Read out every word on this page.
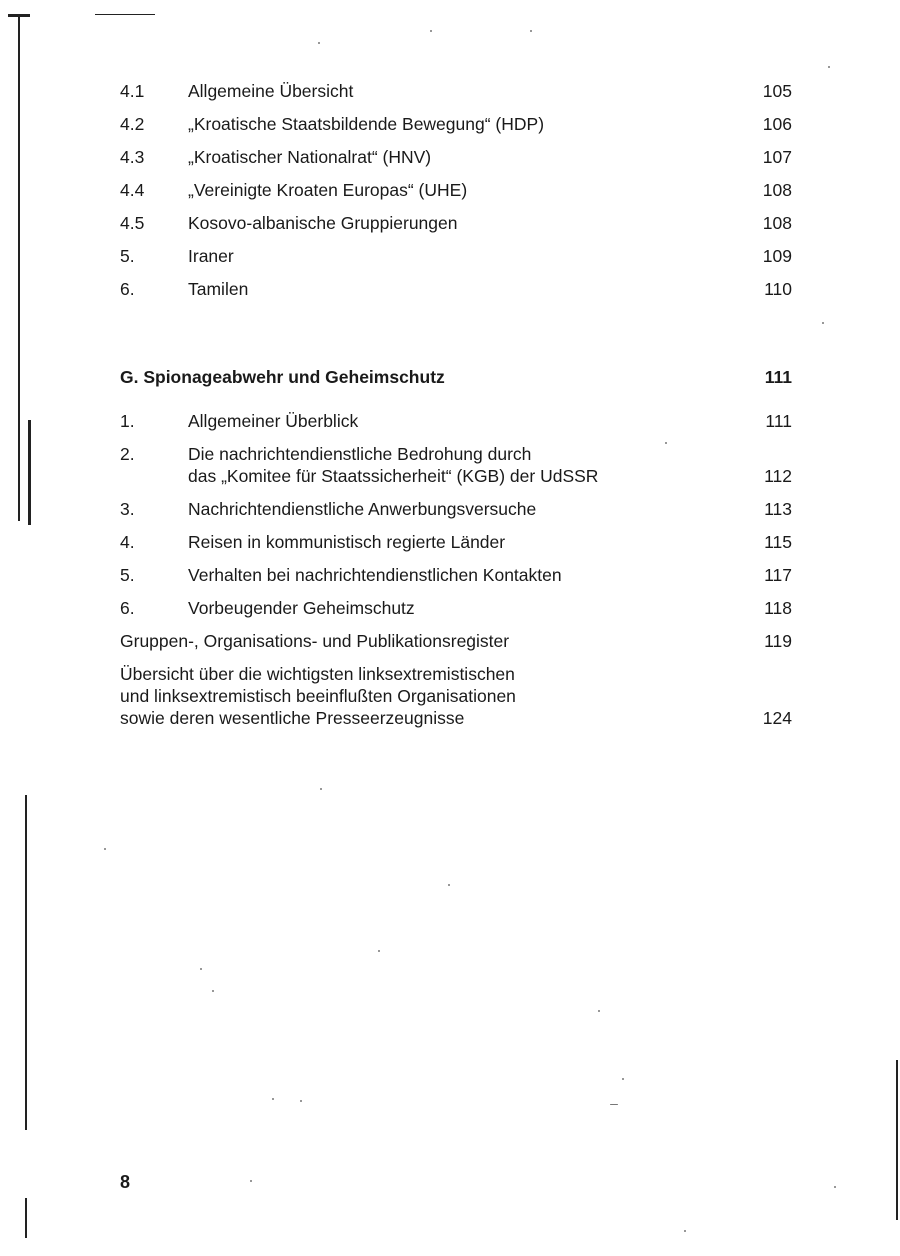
4.1	Allgemeine Übersicht	105
4.2	„Kroatische Staatsbildende Bewegung“ (HDP)	106
4.3	„Kroatischer Nationalrat“ (HNV)	107
4.4	„Vereinigte Kroaten Europas“ (UHE)	108
4.5	Kosovo-albanische Gruppierungen	108
5.	Iraner	109
6.	Tamilen	110
G. Spionageabwehr und Geheimschutz	111
1.	Allgemeiner Überblick	111
2.	Die nachrichtendienstliche Bedrohung durch
das „Komitee für Staatssicherheit“ (KGB) der UdSSR	112
3.	Nachrichtendienstliche Anwerbungsversuche	113
4.	Reisen in kommunistisch regierte Länder	115
5.	Verhalten bei nachrichtendienstlichen Kontakten	117
6.	Vorbeugender Geheimschutz	118
Gruppen-, Organisations- und Publikationsregister	119
Übersicht über die wichtigsten linksextremistischen
und linksextremistisch beeinflußten Organisationen
sowie deren wesentliche Presseerzeugnisse	124
8
